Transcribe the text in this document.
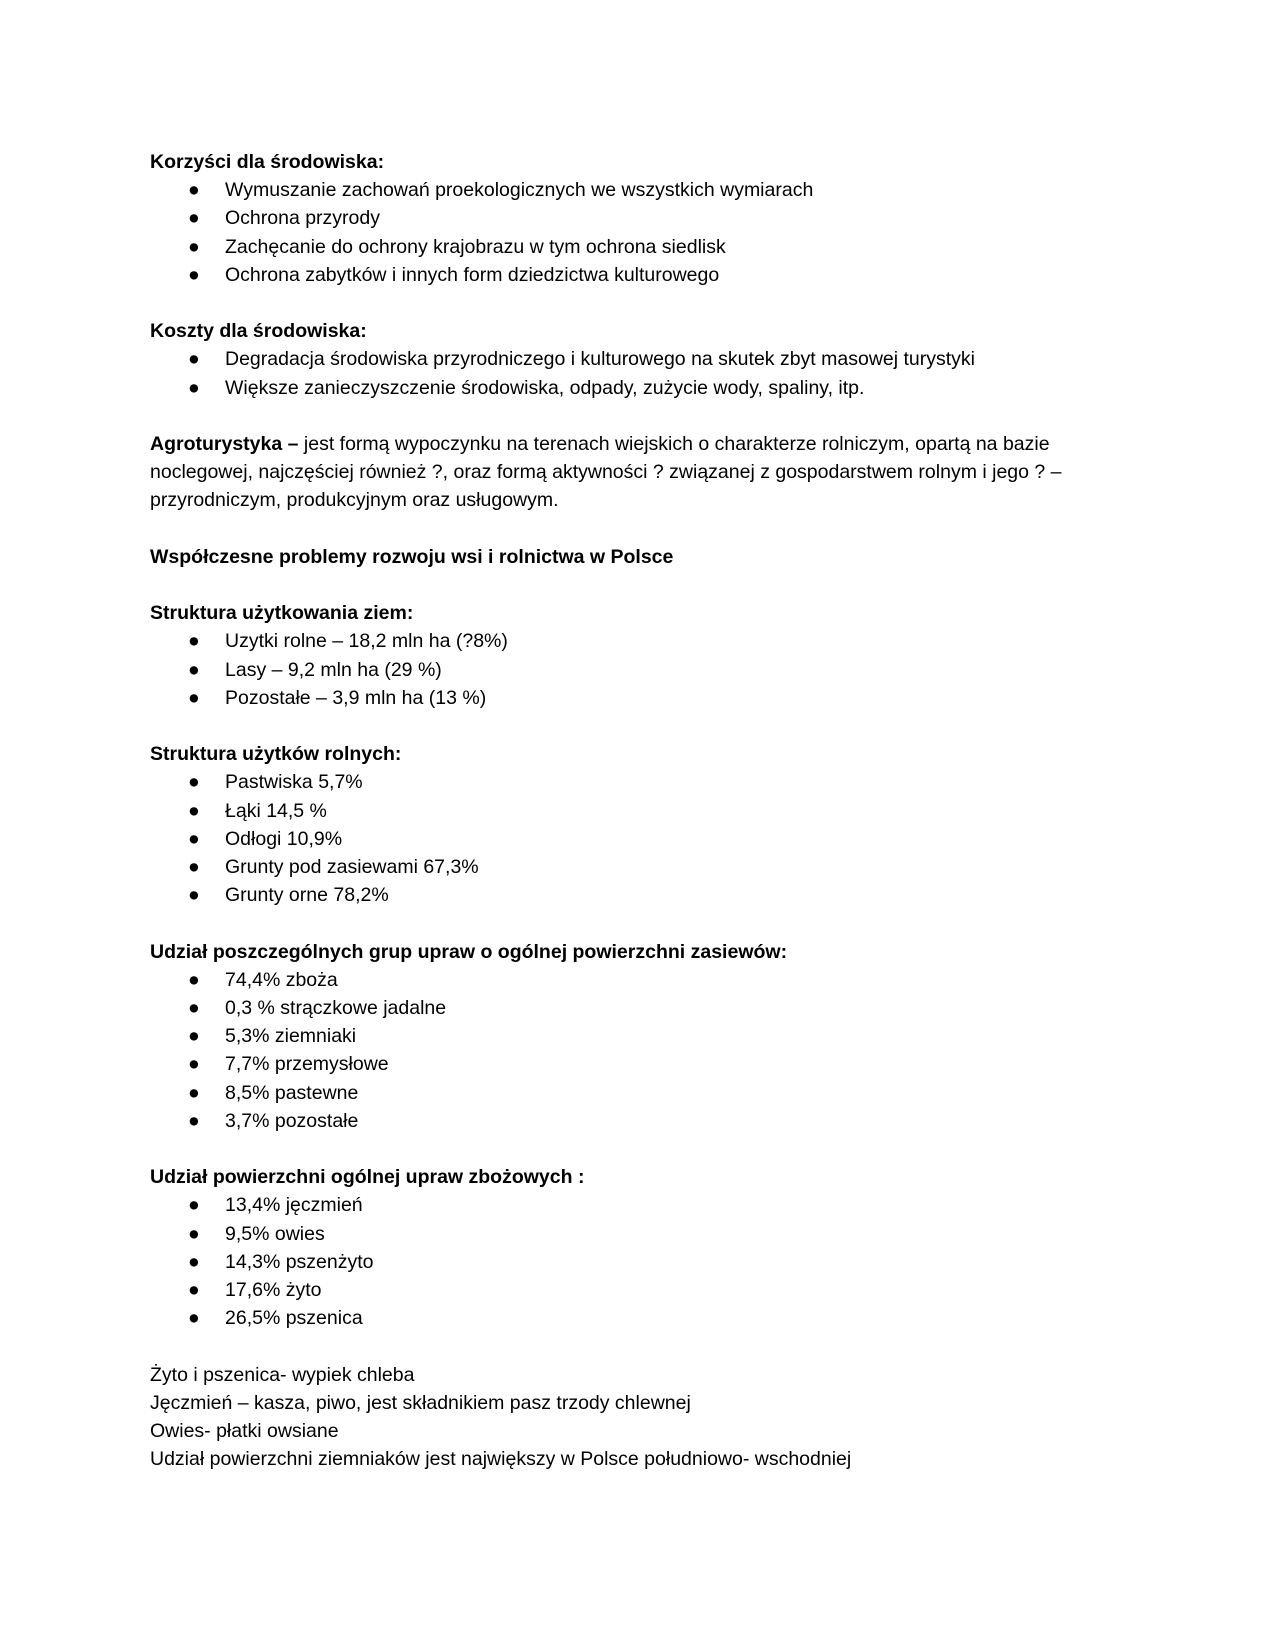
Korzyści dla środowiska:

● Wymuszanie zachowań proekologicznych we wszystkich wymiarach
● Ochrona przyrody
● Zachęcanie do ochrony krajobrazu w tym ochrona siedlisk
● Ochrona zabytków i innych form dziedzictwa kulturowego

Koszty dla środowiska:

● Degradacja środowiska przyrodniczego i kulturowego na skutek zbyt masowej turystyki
● Większe zanieczyszczenie środowiska, odpady, zużycie wody, spaliny, itp.

Agroturystyka – jest formą wypoczynku na terenach wiejskich o charakterze rolniczym, opartą na bazie noclegowej, najczęściej również ?, oraz formą aktywności ? związanej z gospodarstwem rolnym i jego ? – przyrodniczym, produkcyjnym oraz usługowym.

Współczesne problemy rozwoju wsi i rolnictwa w Polsce

Struktura użytkowania ziem:

● Uzytki rolne – 18,2 mln ha (?8%)
● Lasy – 9,2 mln ha (29 %)
● Pozostałe – 3,9 mln ha (13 %)

Struktura użytków rolnych:

● Pastwiska 5,7%
● Łąki 14,5 %
● Odłogi 10,9%
● Grunty pod zasiewami 67,3%
● Grunty orne 78,2%

Udział poszczególnych grup upraw o ogólnej powierzchni zasiewów:

● 74,4% zboża
● 0,3 % strączkowe jadalne
● 5,3% ziemniaki
● 7,7% przemysłowe
● 8,5% pastewne
● 3,7% pozostałe

Udział powierzchni ogólnej upraw zbożowych :

● 13,4% jęczmień
● 9,5% owies
● 14,3% pszenżyto
● 17,6% żyto
● 26,5% pszenica

Żyto i pszenica- wypiek chleba

Jęczmień – kasza, piwo, jest składnikiem pasz trzody chlewnej

Owies- płatki owsiane

Udział powierzchni ziemniaków jest największy w Polsce południowo- wschodniej
